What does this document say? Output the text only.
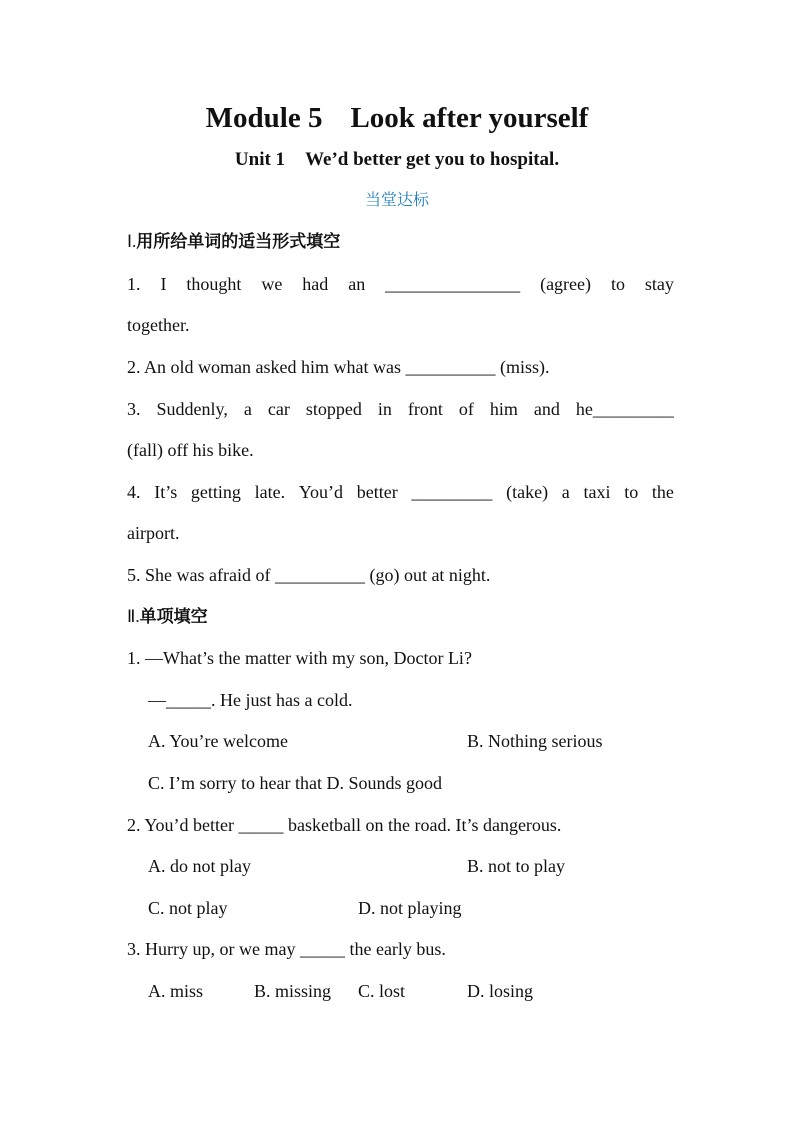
Module 5 Look after yourself
Unit 1 We’d better get you to hospital.
当堂达标
Ⅰ.用所给单词的适当形式填空
1. I thought we had an _______________ (agree) to stay
together.
2. An old woman asked him what was __________ (miss).
3. Suddenly, a car stopped in front of him and he_________
(fall) off his bike.
4. It’s getting late. You’d better _________ (take) a taxi to the
airport.
5. She was afraid of __________ (go) out at night.
Ⅱ.单项填空
1. —What’s the matter with my son, Doctor Li?
—_____. He just has a cold.
A. You’re welcome	B. Nothing serious
C. I’m sorry to hear that D. Sounds good
2. You’d better _____ basketball on the road. It’s dangerous.
A. do not play	B. not to play
C. not play	D. not playing
3. Hurry up, or we may _____ the early bus.
A. miss	B. missing C. lost	D. losing
